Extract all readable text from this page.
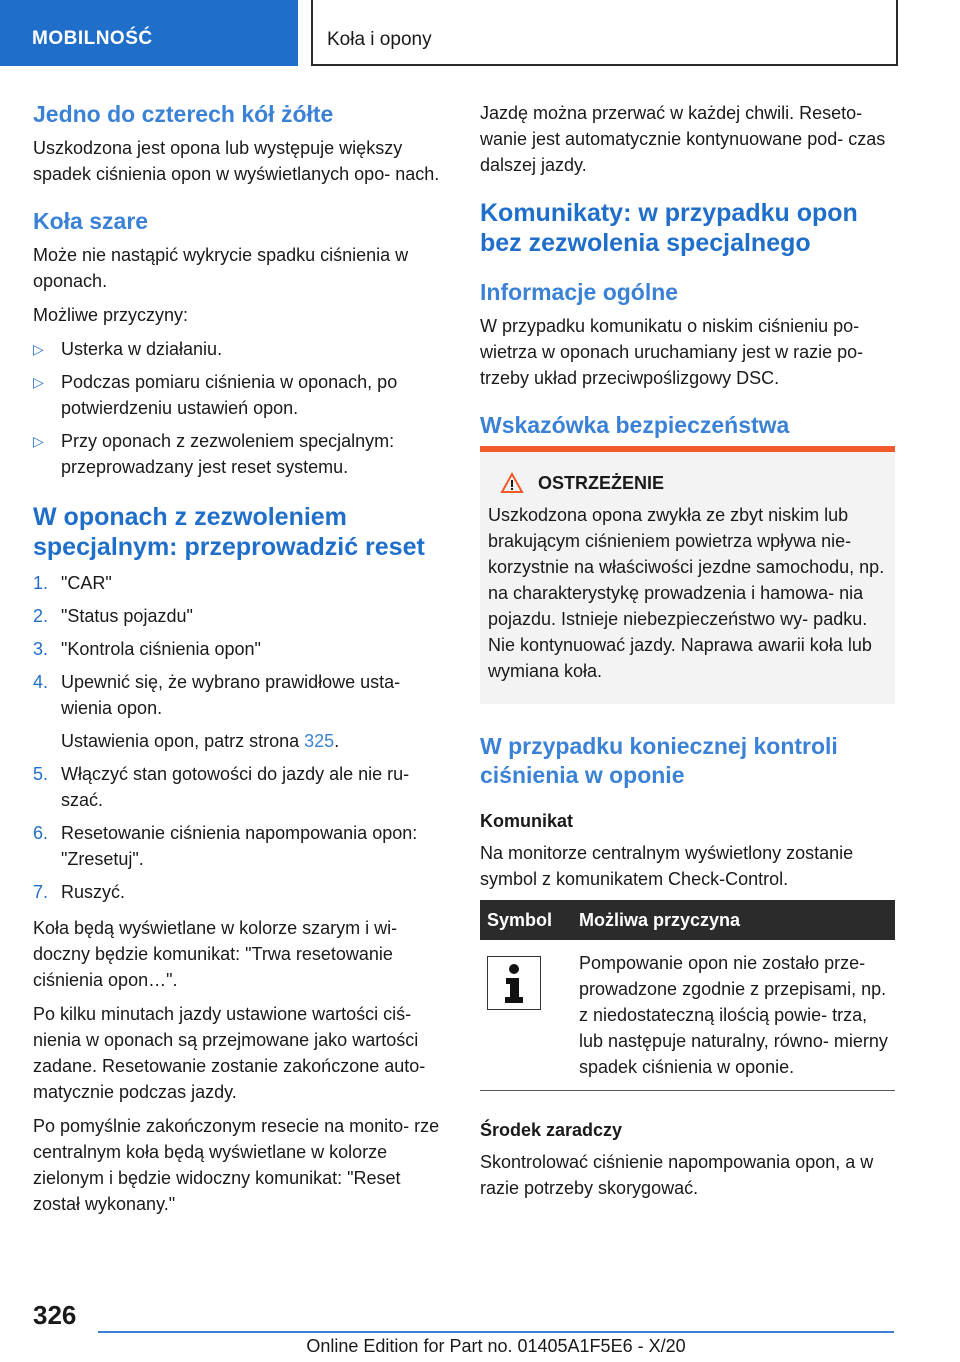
MOBILNOŚĆ	Koła i opony
Jedno do czterech kół żółte

Uszkodzona jest opona lub występuje większy spadek ciśnienia opon w wyświetlanych opo- nach.

Koła szare

Może nie nastąpić wykrycie spadku ciśnienia w oponach.

Możliwe przyczyny:

▷ Usterka w działaniu.
▷ Podczas pomiaru ciśnienia w oponach, po potwierdzeniu ustawień opon.
▷ Przy oponach z zezwoleniem specjalnym: przeprowadzany jest reset systemu.
W oponach z zezwoleniem specjalnym: przeprowadzić reset
1. "CAR"
2. "Status pojazdu"
3. "Kontrola ciśnienia opon"
4. Upewnić się, że wybrano prawidłowe usta- wienia opon.
Ustawienia opon, patrz strona 325.
5. Włączyć stan gotowości do jazdy ale nie ru- szać.
6. Resetowanie ciśnienia napompowania opon: "Zresetuj".
7. Ruszyć.

Koła będą wyświetlane w kolorze szarym i wi- doczny będzie komunikat: "Trwa resetowanie ciśnienia opon…".

Po kilku minutach jazdy ustawione wartości ciś- nienia w oponach są przejmowane jako wartości zadane. Resetowanie zostanie zakończone auto- matycznie podczas jazdy.

Po pomyślnie zakończonym resecie na monito- rze centralnym koła będą wyświetlane w kolorze zielonym i będzie widoczny komunikat: "Reset został wykonany."

Jazdę można przerwać w każdej chwili. Reseto- wanie jest automatycznie kontynuowane pod- czas dalszej jazdy.

Komunikaty: w przypadku opon bez zezwolenia specjalnego
Informacje ogólne

W przypadku komunikatu o niskim ciśnieniu po- wietrza w oponach uruchamiany jest w razie po- trzeby układ przeciwpoślizgowy DSC.

Wskazówka bezpieczeństwa
OSTRZEŻENIE

Uszkodzona opona zwykła ze zbyt niskim lub brakującym ciśnieniem powietrza wpływa nie- korzystnie na właściwości jezdne samochodu, np. na charakterystykę prowadzenia i hamowa- nia pojazdu. Istnieje niebezpieczeństwo wy- padku. Nie kontynuować jazdy. Naprawa awarii koła lub wymiana koła.

W przypadku koniecznej kontroli ciśnienia w oponie
Komunikat

Na monitorze centralnym wyświetlony zostanie symbol z komunikatem Check-Control.

Symbol	Możliwa przyczyna

	Pompowanie opon nie zostało prze- prowadzone zgodnie z przepisami, np. z niedostateczną ilością powie- trza, lub następuje naturalny, równo- mierny spadek ciśnienia w oponie.
Środek zaradczy

Skontrolować ciśnienie napompowania opon, a w razie potrzeby skorygować.

326
Online Edition for Part no. 01405A1F5E6 - X/20
